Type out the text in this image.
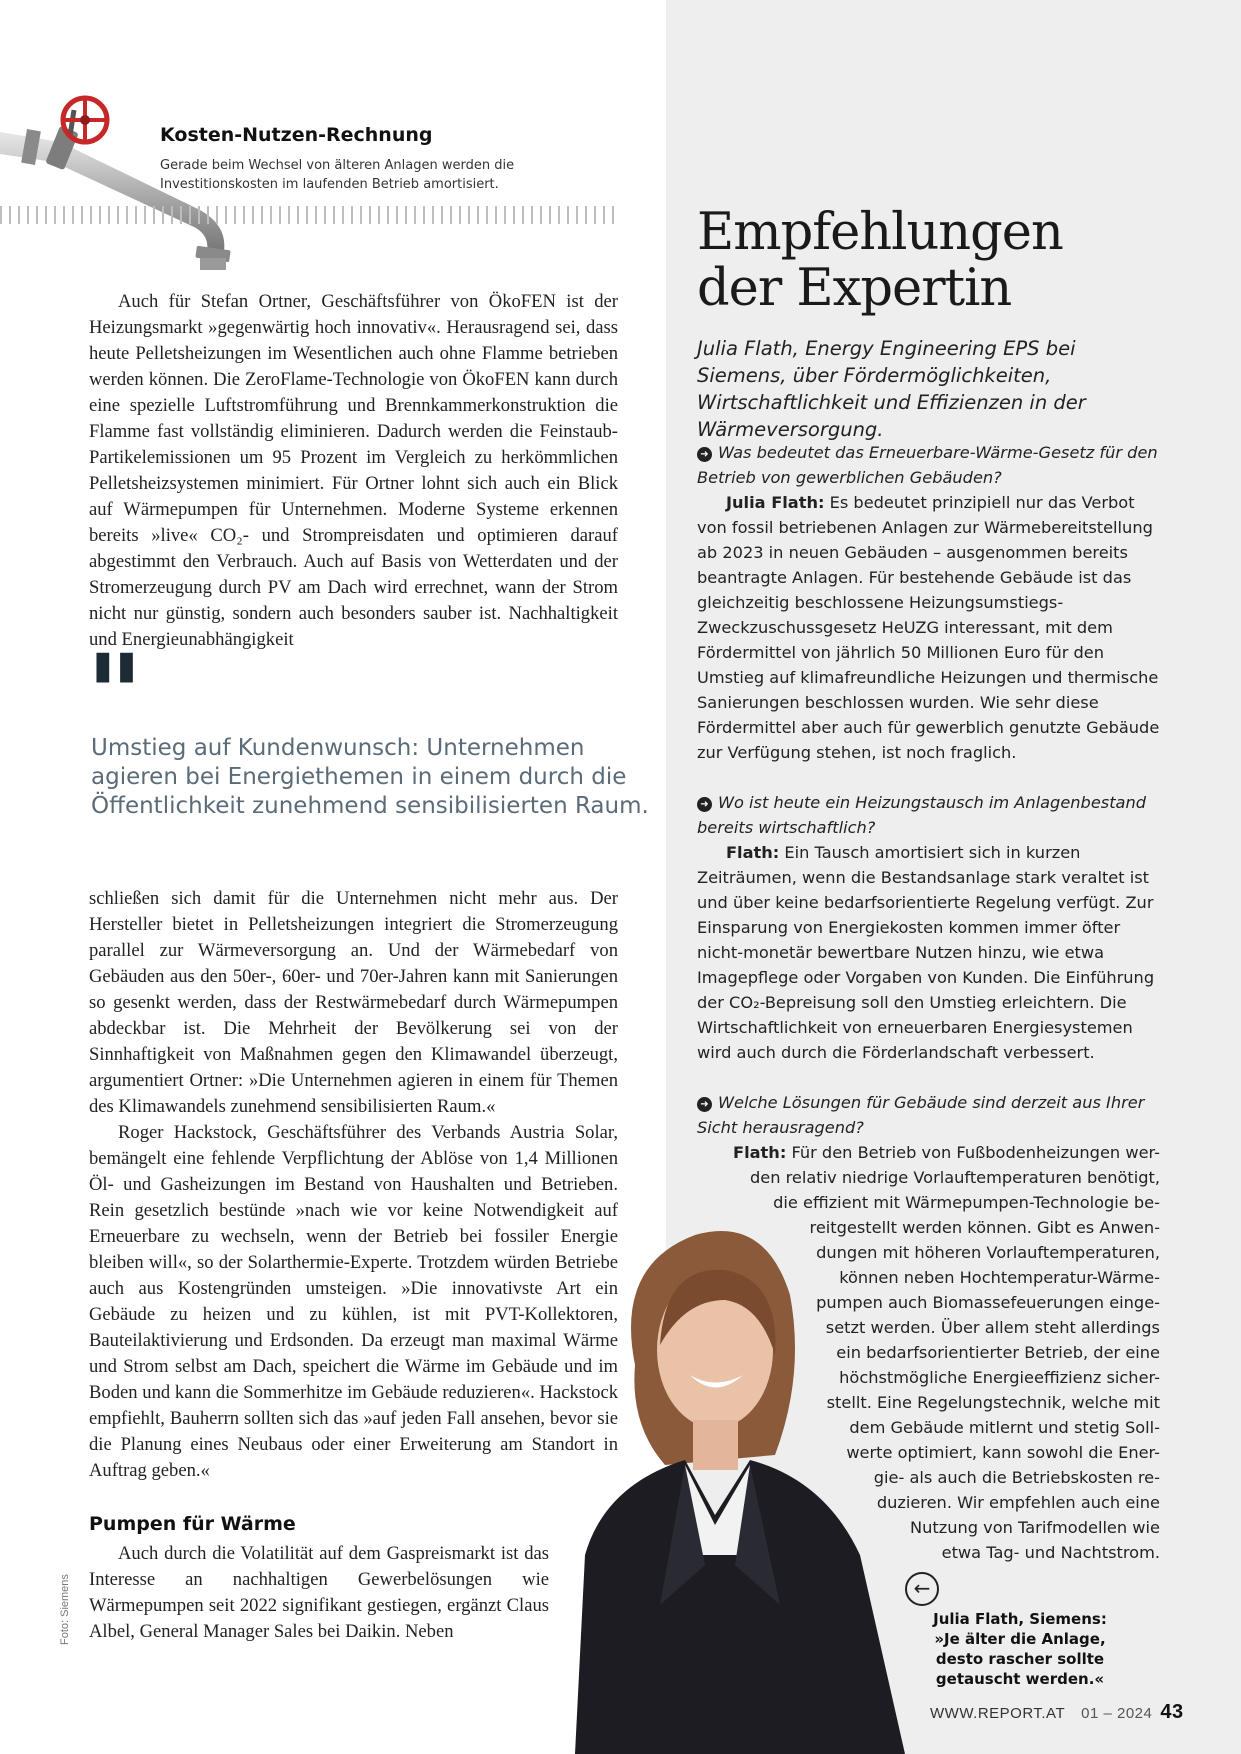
Kosten-Nutzen-Rechnung
Gerade beim Wechsel von älteren Anlagen werden die Investitionskosten im laufenden Betrieb amortisiert.

Auch für Stefan Ortner, Geschäftsführer von ÖkoFEN ist der Heizungsmarkt »gegenwärtig hoch innovativ«. Herausragend sei, dass heute Pelletsheizungen im Wesentlichen auch ohne Flamme betrieben werden können. Die ZeroFlame-Technologie von ÖkoFEN kann durch eine spezielle Luftstromführung und Brennkammerkonstruktion die Flamme fast vollständig eliminieren. Dadurch werden die Feinstaub-Partikelemissionen um 95 Prozent im Vergleich zu herkömmlichen Pelletsheizsystemen minimiert. Für Ortner lohnt sich auch ein Blick auf Wärmepumpen für Unternehmen. Moderne Systeme erkennen bereits »live« CO₂- und Strompreisdaten und optimieren darauf abgestimmt den Verbrauch. Auch auf Basis von Wetterdaten und der Stromerzeugung durch PV am Dach wird errechnet, wann der Strom nicht nur günstig, sondern auch besonders sauber ist. Nachhaltigkeit und Energieunabhängigkeit

"
Umstieg auf Kundenwunsch: Unternehmen agieren bei Energiethemen in einem durch die Öffentlichkeit zunehmend sensibilisierten Raum.

schließen sich damit für die Unternehmen nicht mehr aus. Der Hersteller bietet in Pelletsheizungen integriert die Stromerzeugung parallel zur Wärmeversorgung an. Und der Wärmebedarf von Gebäuden aus den 50er-, 60er- und 70er-Jahren kann mit Sanierungen so gesenkt werden, dass der Restwärmebedarf durch Wärmepumpen abdeckbar ist. Die Mehrheit der Bevölkerung sei von der Sinnhaftigkeit von Maßnahmen gegen den Klimawandel überzeugt, argumentiert Ortner: »Die Unternehmen agieren in einem für Themen des Klimawandels zunehmend sensibilisierten Raum.«

Roger Hackstock, Geschäftsführer des Verbands Austria Solar, bemängelt eine fehlende Verpflichtung der Ablöse von 1,4 Millionen Öl- und Gasheizungen im Bestand von Haushalten und Betrieben. Rein gesetzlich bestünde »nach wie vor keine Notwendigkeit auf Erneuerbare zu wechseln, wenn der Betrieb bei fossiler Energie bleiben will«, so der Solarthermie-Experte. Trotzdem würden Betriebe auch aus Kostengründen umsteigen. »Die innovativste Art ein Gebäude zu heizen und zu kühlen, ist mit PVT-Kollektoren, Bauteilaktivierung und Erdsonden. Da erzeugt man maximal Wärme und Strom selbst am Dach, speichert die Wärme im Gebäude und im Boden und kann die Sommerhitze im Gebäude reduzieren«. Hackstock empfiehlt, Bauherrn sollten sich das »auf jeden Fall ansehen, bevor sie die Planung eines Neubaus oder einer Erweiterung am Standort in Auftrag geben.«

Pumpen für Wärme

Auch durch die Volatilität auf dem Gaspreismarkt ist das Interesse an nachhaltigen Gewerbelösungen wie Wärmepumpen seit 2022 signifikant gestiegen, ergänzt Claus Albel, General Manager Sales bei Daikin. Neben

Foto: Siemens
Empfehlungen
der Expertin
Julia Flath, Energy Engineering EPS bei Siemens, über Fördermöglichkeiten, Wirtschaftlichkeit und Effizienzen in der Wärmeversorgung.
➜ Was bedeutet das Erneuerbare-Wärme-Gesetz für den Betrieb von gewerblichen Gebäuden?
Julia Flath: Es bedeutet prinzipiell nur das Verbot von fossil betriebenen Anlagen zur Wärmebereitstellung ab 2023 in neuen Gebäuden – ausgenommen bereits beantragte Anlagen. Für bestehende Gebäude ist das gleichzeitig beschlossene Heizungsumstiegs-Zweckzuschussgesetz HeUZG interessant, mit dem Fördermittel von jährlich 50 Millionen Euro für den Umstieg auf klimafreundliche Heizungen und thermische Sanierungen beschlossen wurden. Wie sehr diese Fördermittel aber auch für gewerblich genutzte Gebäude zur Verfügung stehen, ist noch fraglich.
➜ Wo ist heute ein Heizungstausch im Anlagenbestand bereits wirtschaftlich?
Flath: Ein Tausch amortisiert sich in kurzen Zeiträumen, wenn die Bestandsanlage stark veraltet ist und über keine bedarfsorientierte Regelung verfügt. Zur Einsparung von Energiekosten kommen immer öfter nicht-monetär bewertbare Nutzen hinzu, wie etwa Imagepflege oder Vorgaben von Kunden. Die Einführung der CO₂-Bepreisung soll den Umstieg erleichtern. Die Wirtschaftlichkeit von erneuerbaren Energiesystemen wird auch durch die Förderlandschaft verbessert.
➜ Welche Lösungen für Gebäude sind derzeit aus Ihrer Sicht herausragend?
Flath: Für den Betrieb von Fußbodenheizungen wer-
den relativ niedrige Vorlauftemperaturen benötigt,
die effizient mit Wärmepumpen-Technologie be-
reitgestellt werden können. Gibt es Anwen-
dungen mit höheren Vorlauftemperaturen,
können neben Hochtemperatur-Wärme-
pumpen auch Biomassefeuerungen einge-
setzt werden. Über allem steht allerdings
ein bedarfsorientierter Betrieb, der eine
höchstmögliche Energieeffizienz sicher-
stellt. Eine Regelungstechnik, welche mit
dem Gebäude mitlernt und stetig Soll-
werte optimiert, kann sowohl die Ener-
gie- als auch die Betriebskosten re-
duzieren. Wir empfehlen auch eine
Nutzung von Tarifmodellen wie
etwa Tag- und Nachtstrom.
←
Julia Flath, Siemens: »Je älter die Anlage, desto rascher sollte getauscht werden.«
WWW.REPORT.AT 01 – 2024 43
